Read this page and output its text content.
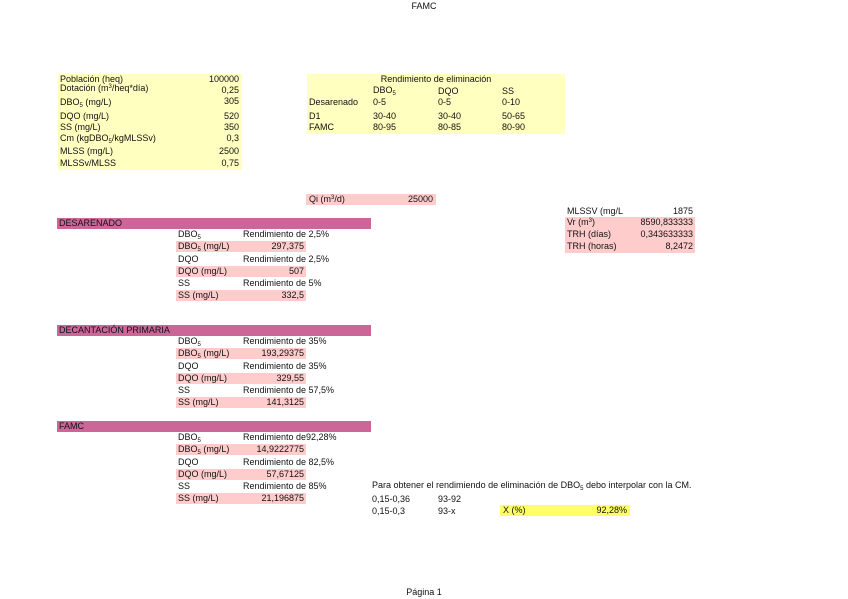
FAMC
Población (heq)	100000
Dotación $(m^3/heq*día)$	0,25
$DBO_5$ (mg/L)	305
DQO (mg/L)	520
SS (mg/L)	350
Cm (kgDBO$_5$/kgMLSSv)	0,3
MLSS (mg/L)	2500
MLSSv/MLSS	0,75
Rendimiento de eliminación
$DBO_5$	DQO	SS
Desarenado 0-5	0-5	0-10
D1	30-40	30-40	50-65
FAMC	80-95	80-85	80-90
Qi $(m^3/d)$	25000
MLSSV (mg/L	1875
Vr $(m^3)$	8590,833333
TRH (días)	0,343633333
TRH (horas)	8,2472
DESARENADO
$DBO_5$	Rendimiento de 2,5%
$DBO_5$ (mg/L)	297,375
DQO	Rendimiento de 2,5%
DQO (mg/L)	507
SS	Rendimiento de 5%
SS (mg/L)	332,5
DECANTACIÓN PRIMARIA
$DBO_5$	Rendimiento de 35%
$DBO_5$ (mg/L)	193,29375
DQO	Rendimiento de 35%
DQO (mg/L)	329,55
SS	Rendimiento de 57,5%
SS (mg/L)	141,3125
FAMC
$DBO_5$	Rendimiento de92,28%
$DBO_5$ (mg/L)	14,9222775
DQO	Rendimiento de 82,5%
DQO (mg/L)	57,67125
SS	Rendimiento de 85%
SS (mg/L)	21,196875
Para obtener el rendimiendo de eliminación de $DBO_5$ debo interpolar con la CM.
0,15-0,36	93-92
0,15-0,3	93-x	X (%)	92,28%
Página 1
